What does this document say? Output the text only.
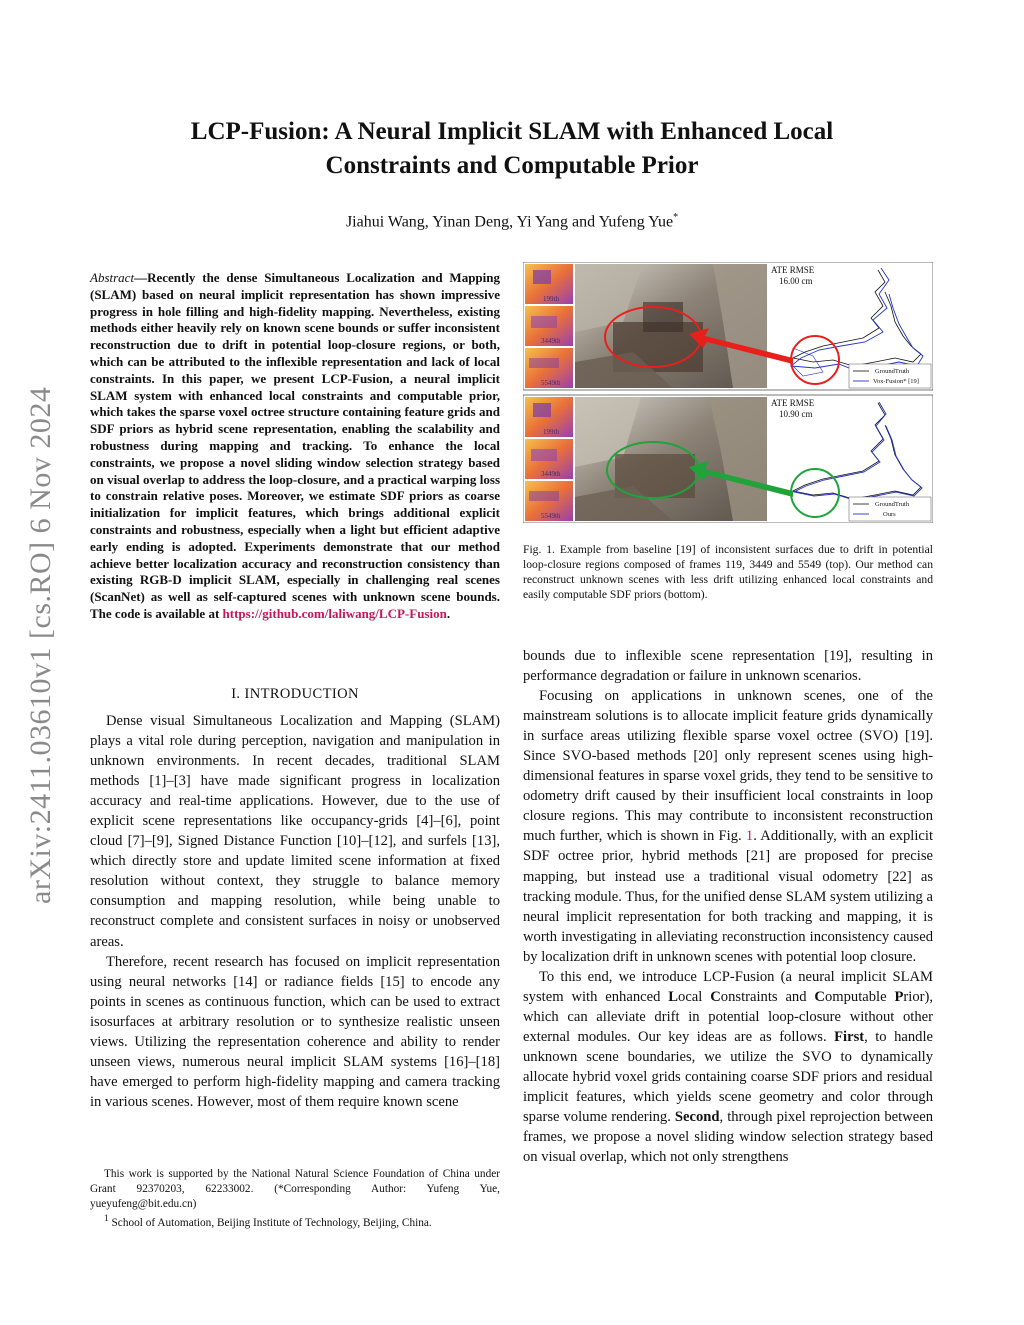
arXiv:2411.03610v1 [cs.RO] 6 Nov 2024
LCP-Fusion: A Neural Implicit SLAM with Enhanced Local
Constraints and Computable Prior
Jiahui Wang, Yinan Deng, Yi Yang and Yufeng Yue*

Abstract—Recently the dense Simultaneous Localization and Mapping (SLAM) based on neural implicit representation has shown impressive progress in hole filling and high-fidelity mapping. Nevertheless, existing methods either heavily rely on known scene bounds or suffer inconsistent reconstruction due to drift in potential loop-closure regions, or both, which can be attributed to the inflexible representation and lack of local constraints. In this paper, we present LCP-Fusion, a neural implicit SLAM system with enhanced local constraints and computable prior, which takes the sparse voxel octree structure containing feature grids and SDF priors as hybrid scene representation, enabling the scalability and robustness during mapping and tracking. To enhance the local constraints, we propose a novel sliding window selection strategy based on visual overlap to address the loop-closure, and a practical warping loss to constrain relative poses. Moreover, we estimate SDF priors as coarse initialization for implicit features, which brings additional explicit constraints and robustness, especially when a light but efficient adaptive early ending is adopted. Experiments demonstrate that our method achieve better localization accuracy and reconstruction consistency than existing RGB-D implicit SLAM, especially in challenging real scenes (ScanNet) as well as self-captured scenes with unknown scene bounds. The code is available at https://github.com/laliwang/LCP-Fusion.

I. INTRODUCTION

Dense visual Simultaneous Localization and Mapping (SLAM) plays a vital role during perception, navigation and manipulation in unknown environments. In recent decades, traditional SLAM methods [1]–[3] have made significant progress in localization accuracy and real-time applications. However, due to the use of explicit scene representations like occupancy-grids [4]–[6], point cloud [7]–[9], Signed Distance Function [10]–[12], and surfels [13], which directly store and update limited scene information at fixed resolution without context, they struggle to balance memory consumption and mapping resolution, while being unable to reconstruct complete and consistent surfaces in noisy or unobserved areas.

Therefore, recent research has focused on implicit representation using neural networks [14] or radiance fields [15] to encode any points in scenes as continuous function, which can be used to extract isosurfaces at arbitrary resolution or to synthesize realistic unseen views. Utilizing the representation coherence and ability to render unseen views, numerous neural implicit SLAM systems [16]–[18] have emerged to perform high-fidelity mapping and camera tracking in various scenes. However, most of them require known scene

This work is supported by the National Natural Science Foundation of China under Grant 92370203, 62233002. (*Corresponding Author: Yufeng Yue, yueyufeng@bit.edu.cn)

$^1$ School of Automation, Beijing Institute of Technology, Beijing, China.

199th
3449th
5549th
ATE RMSE
16.00 cm
GroundTruth
Vox-Fusion* [19]
199th
3449th
5549th
ATE RMSE
10.90 cm
GroundTruth
Ours

Fig. 1. Example from baseline [19] of inconsistent surfaces due to drift in potential loop-closure regions composed of frames 119, 3449 and 5549 (top). Our method can reconstruct unknown scenes with less drift utilizing enhanced local constraints and easily computable SDF priors (bottom).

bounds due to inflexible scene representation [19], resulting in performance degradation or failure in unknown scenarios.

Focusing on applications in unknown scenes, one of the mainstream solutions is to allocate implicit feature grids dynamically in surface areas utilizing flexible sparse voxel octree (SVO) [19]. Since SVO-based methods [20] only represent scenes using high-dimensional features in sparse voxel grids, they tend to be sensitive to odometry drift caused by their insufficient local constraints in loop closure regions. This may contribute to inconsistent reconstruction much further, which is shown in Fig. 1. Additionally, with an explicit SDF octree prior, hybrid methods [21] are proposed for precise mapping, but instead use a traditional visual odometry [22] as tracking module. Thus, for the unified dense SLAM system utilizing a neural implicit representation for both tracking and mapping, it is worth investigating in alleviating reconstruction inconsistency caused by localization drift in unknown scenes with potential loop closure.

To this end, we introduce LCP-Fusion (a neural implicit SLAM system with enhanced Local Constraints and Computable Prior), which can alleviate drift in potential loop-closure without other external modules. Our key ideas are as follows. First, to handle unknown scene boundaries, we utilize the SVO to dynamically allocate hybrid voxel grids containing coarse SDF priors and residual implicit features, which yields scene geometry and color through sparse volume rendering. Second, through pixel reprojection between frames, we propose a novel sliding window selection strategy based on visual overlap, which not only strengthens
